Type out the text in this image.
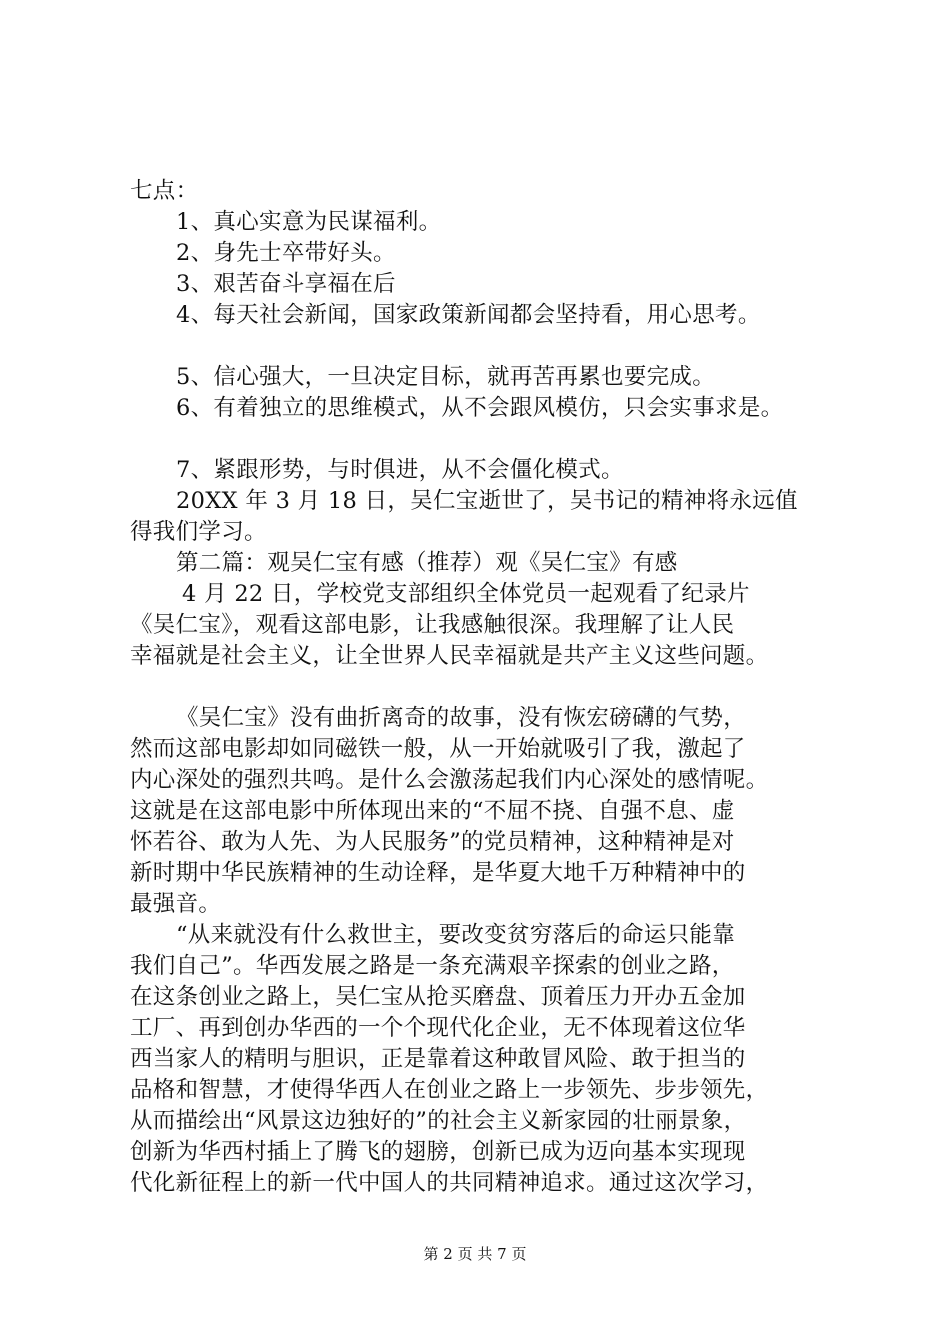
七点：
1、真心实意为民谋福利。
2、身先士卒带好头。
3、艰苦奋斗享福在后
4、每天社会新闻，国家政策新闻都会坚持看，用心思考。
5、信心强大，一旦决定目标，就再苦再累也要完成。
6、有着独立的思维模式，从不会跟风模仿，只会实事求是。
7、紧跟形势，与时俱进，从不会僵化模式。
20XX 年 3 月 18 日，吴仁宝逝世了，吴书记的精神将永远值
得我们学习。
第二篇：观吴仁宝有感（推荐）观《吴仁宝》有感
4 月 22 日，学校党支部组织全体党员一起观看了纪录片
《吴仁宝》，观看这部电影，让我感触很深。我理解了让人民
幸福就是社会主义，让全世界人民幸福就是共产主义这些问题。
《吴仁宝》没有曲折离奇的故事，没有恢宏磅礴的气势，
然而这部电影却如同磁铁一般，从一开始就吸引了我，激起了
内心深处的强烈共鸣。是什么会激荡起我们内心深处的感情呢。
这就是在这部电影中所体现出来的“不屈不挠、自强不息、虚
怀若谷、敢为人先、为人民服务”的党员精神，这种精神是对
新时期中华民族精神的生动诠释，是华夏大地千万种精神中的
最强音。
“从来就没有什么救世主，要改变贫穷落后的命运只能靠
我们自己”。华西发展之路是一条充满艰辛探索的创业之路，
在这条创业之路上，吴仁宝从抢买磨盘、顶着压力开办五金加
工厂、再到创办华西的一个个现代化企业，无不体现着这位华
西当家人的精明与胆识，正是靠着这种敢冒风险、敢于担当的
品格和智慧，才使得华西人在创业之路上一步领先、步步领先，
从而描绘出“风景这边独好的”的社会主义新家园的壮丽景象，
创新为华西村插上了腾飞的翅膀，创新已成为迈向基本实现现
代化新征程上的新一代中国人的共同精神追求。通过这次学习，
第 2 页 共 7 页
